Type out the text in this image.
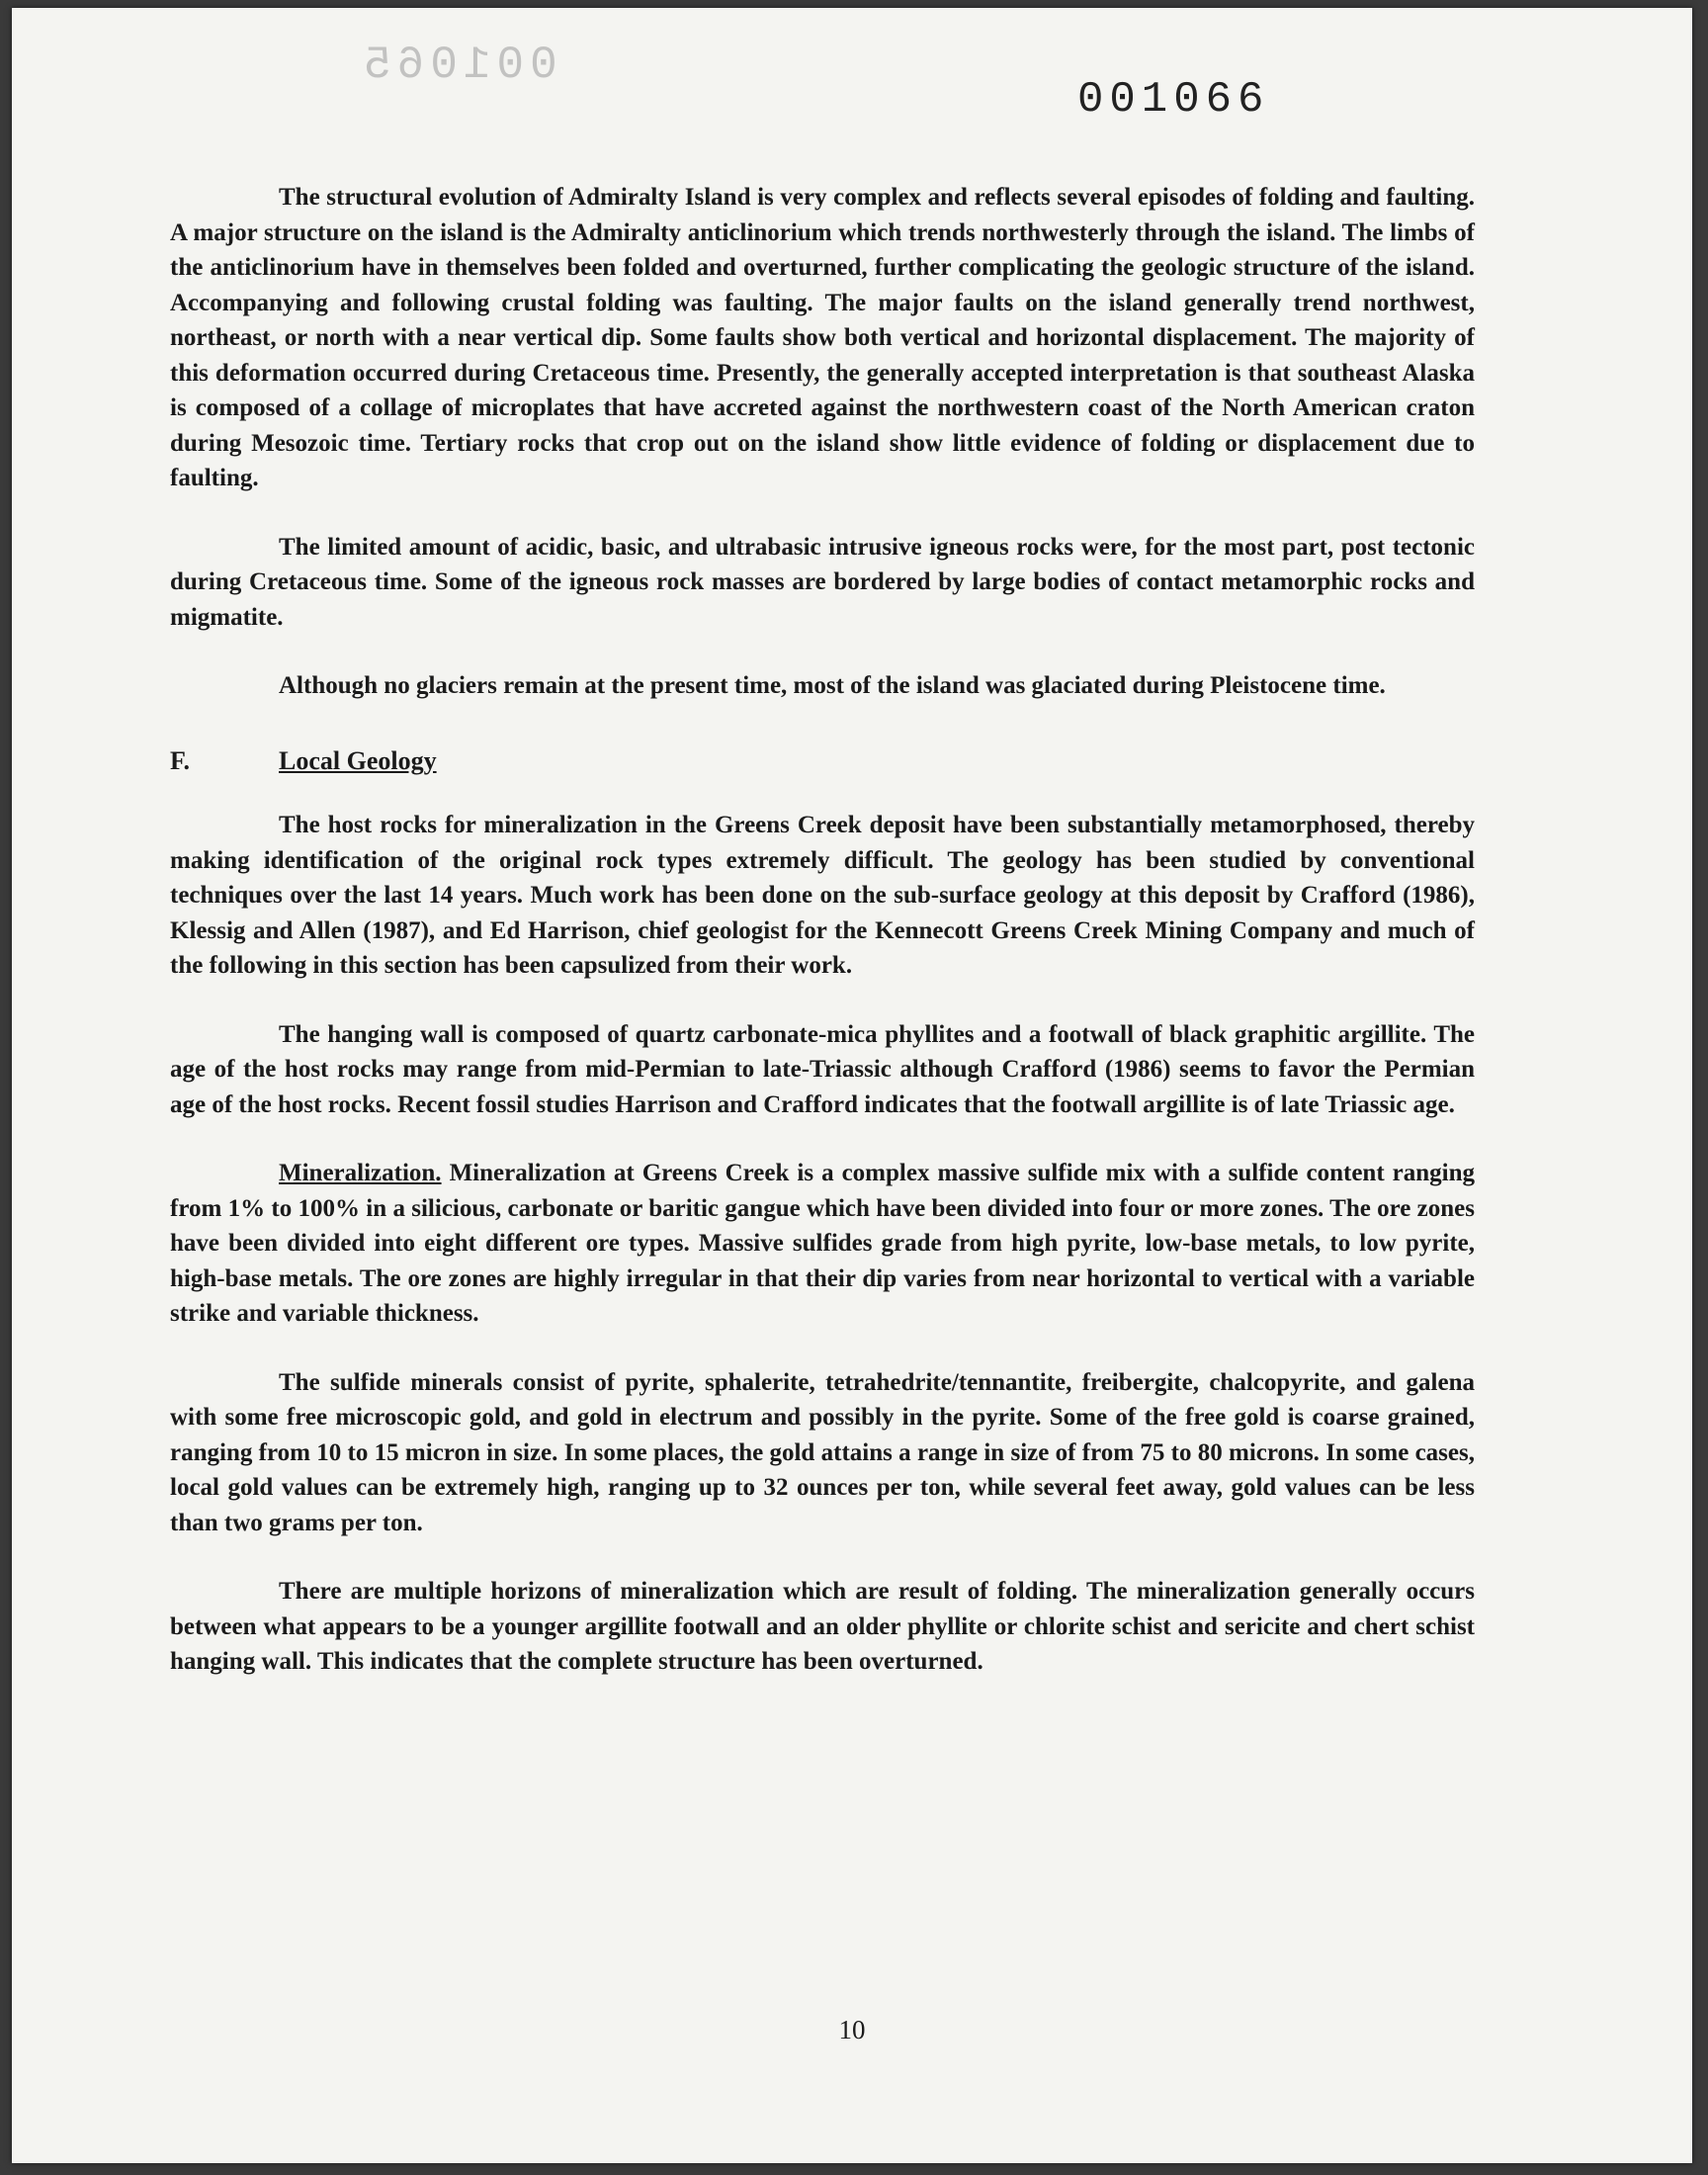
001065
001066

The structural evolution of Admiralty Island is very complex and reflects several episodes of folding and faulting. A major structure on the island is the Admiralty anticlinorium which trends northwesterly through the island. The limbs of the anticlinorium have in themselves been folded and overturned, further complicating the geologic structure of the island. Accompanying and following crustal folding was faulting. The major faults on the island generally trend northwest, northeast, or north with a near vertical dip. Some faults show both vertical and horizontal displacement. The majority of this deformation occurred during Cretaceous time. Presently, the generally accepted interpretation is that southeast Alaska is composed of a collage of microplates that have accreted against the northwestern coast of the North American craton during Mesozoic time. Tertiary rocks that crop out on the island show little evidence of folding or displacement due to faulting.

The limited amount of acidic, basic, and ultrabasic intrusive igneous rocks were, for the most part, post tectonic during Cretaceous time. Some of the igneous rock masses are bordered by large bodies of contact metamorphic rocks and migmatite.

Although no glaciers remain at the present time, most of the island was glaciated during Pleistocene time.

F.	Local Geology

The host rocks for mineralization in the Greens Creek deposit have been substantially metamorphosed, thereby making identification of the original rock types extremely difficult. The geology has been studied by conventional techniques over the last 14 years. Much work has been done on the sub-surface geology at this deposit by Crafford (1986), Klessig and Allen (1987), and Ed Harrison, chief geologist for the Kennecott Greens Creek Mining Company and much of the following in this section has been capsulized from their work.

The hanging wall is composed of quartz carbonate-mica phyllites and a footwall of black graphitic argillite. The age of the host rocks may range from mid-Permian to late-Triassic although Crafford (1986) seems to favor the Permian age of the host rocks. Recent fossil studies Harrison and Crafford indicates that the footwall argillite is of late Triassic age.

Mineralization. Mineralization at Greens Creek is a complex massive sulfide mix with a sulfide content ranging from 1% to 100% in a silicious, carbonate or baritic gangue which have been divided into four or more zones. The ore zones have been divided into eight different ore types. Massive sulfides grade from high pyrite, low-base metals, to low pyrite, high-base metals. The ore zones are highly irregular in that their dip varies from near horizontal to vertical with a variable strike and variable thickness.

The sulfide minerals consist of pyrite, sphalerite, tetrahedrite/tennantite, freibergite, chalcopyrite, and galena with some free microscopic gold, and gold in electrum and possibly in the pyrite. Some of the free gold is coarse grained, ranging from 10 to 15 micron in size. In some places, the gold attains a range in size of from 75 to 80 microns. In some cases, local gold values can be extremely high, ranging up to 32 ounces per ton, while several feet away, gold values can be less than two grams per ton.

There are multiple horizons of mineralization which are result of folding. The mineralization generally occurs between what appears to be a younger argillite footwall and an older phyllite or chlorite schist and sericite and chert schist hanging wall. This indicates that the complete structure has been overturned.

10
